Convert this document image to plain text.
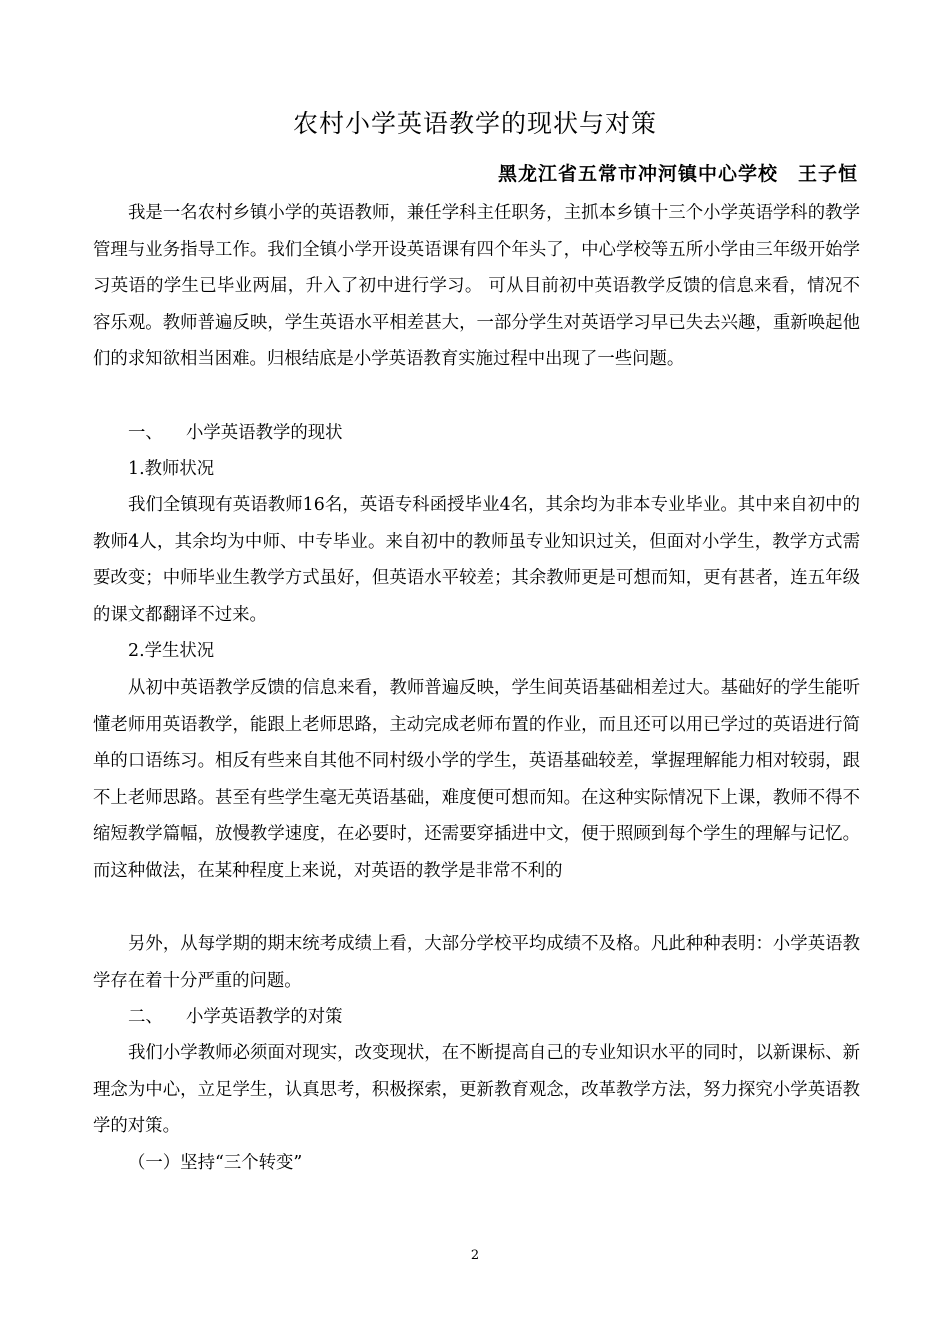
农村小学英语教学的现状与对策
黑龙江省五常市冲河镇中心学校　王子恒

我是一名农村乡镇小学的英语教师，兼任学科主任职务，主抓本乡镇十三个小学英语学科的教学管理与业务指导工作。我们全镇小学开设英语课有四个年头了，中心学校等五所小学由三年级开始学习英语的学生已毕业两届，升入了初中进行学习。 可从目前初中英语教学反馈的信息来看，情况不容乐观。教师普遍反映，学生英语水平相差甚大，一部分学生对英语学习早已失去兴趣，重新唤起他们的求知欲相当困难。归根结底是小学英语教育实施过程中出现了一些问题。

一、 小学英语教学的现状
1.教师状况

我们全镇现有英语教师16名，英语专科函授毕业4名，其余均为非本专业毕业。其中来自初中的教师4人，其余均为中师、中专毕业。来自初中的教师虽专业知识过关，但面对小学生，教学方式需要改变；中师毕业生教学方式虽好，但英语水平较差；其余教师更是可想而知，更有甚者，连五年级的课文都翻译不过来。

2.学生状况

从初中英语教学反馈的信息来看，教师普遍反映，学生间英语基础相差过大。基础好的学生能听懂老师用英语教学，能跟上老师思路，主动完成老师布置的作业，而且还可以用已学过的英语进行简单的口语练习。相反有些来自其他不同村级小学的学生，英语基础较差，掌握理解能力相对较弱，跟不上老师思路。甚至有些学生毫无英语基础，难度便可想而知。在这种实际情况下上课，教师不得不缩短教学篇幅，放慢教学速度，在必要时，还需要穿插进中文，便于照顾到每个学生的理解与记忆。而这种做法，在某种程度上来说，对英语的教学是非常不利的

另外，从每学期的期末统考成绩上看，大部分学校平均成绩不及格。凡此种种表明：小学英语教学存在着十分严重的问题。

二、 小学英语教学的对策

我们小学教师必须面对现实，改变现状，在不断提高自己的专业知识水平的同时，以新课标、新理念为中心，立足学生，认真思考，积极探索，更新教育观念，改革教学方法，努力探究小学英语教学的对策。

（一）坚持“三个转变”
2
